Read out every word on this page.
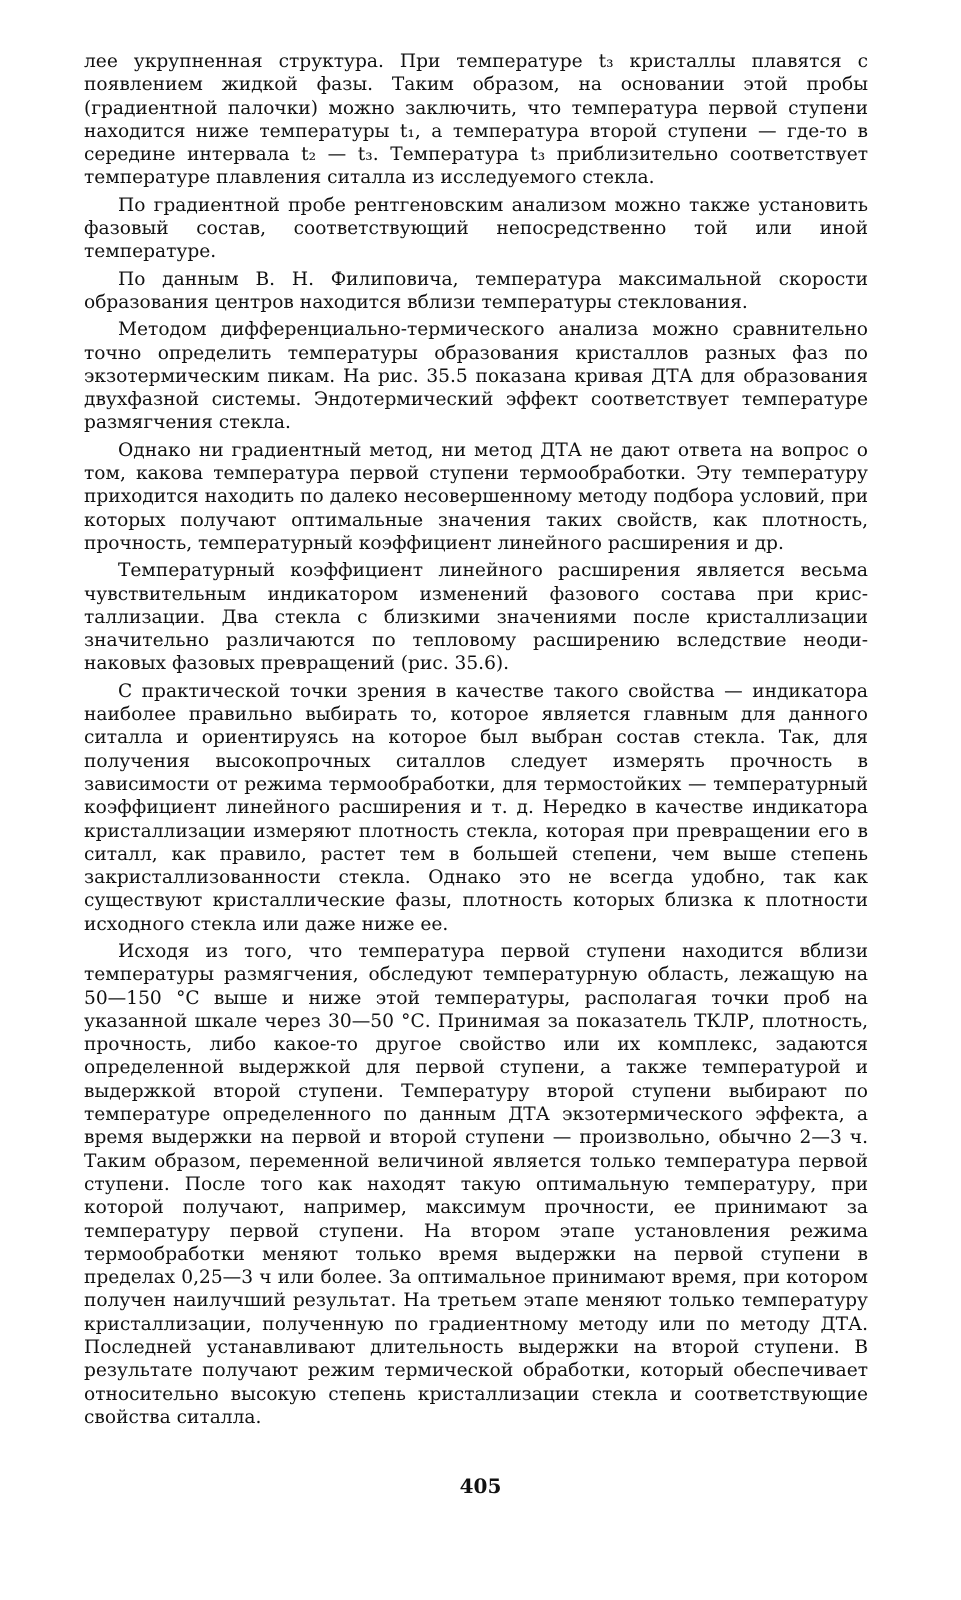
лее укрупненная структура. При температуре t₃ кристаллы плавятся с появлением жидкой фазы. Таким образом, на основании этой пробы (градиентной палочки) можно заключить, что температура первой ступени находится ниже температуры t₁, а температура второй ступени — где-то в середине интервала t₂ — t₃. Температура t₃ приблизительно соответствует температуре плавления ситалла из исследуемого стекла.

По градиентной пробе рентгеновским анализом можно также установить фазовый состав, соответствующий непосредственно той или иной температуре.

По данным В. Н. Филиповича, температура максимальной скорости образования центров находится вблизи температуры стеклования.

Методом дифференциально-термического анализа можно сравнительно точно определить температуры образования кристаллов разных фаз по экзотермическим пикам. На рис. 35.5 показана кривая ДТА для образования двухфазной системы. Эндотермический эффект соответствует температуре размягчения стекла.

Однако ни градиентный метод, ни метод ДТА не дают ответа на вопрос о том, какова температура первой ступени термообработки. Эту температуру приходится находить по далеко несовершенному методу подбора условий, при которых получают оптимальные значения таких свойств, как плотность, прочность, температурный коэффициент линейного расширения и др.

Температурный коэффициент линейного расширения является весьма чувствительным индикатором изменений фазового состава при кристаллизации. Два стекла с близкими значениями после кристаллизации значительно различаются по тепловому расширению вследствие неодинаковых фазовых превращений (рис. 35.6).

С практической точки зрения в качестве такого свойства — индикатора наиболее правильно выбирать то, которое является главным для данного ситалла и ориентируясь на которое был выбран состав стекла. Так, для получения высокопрочных ситаллов следует измерять прочность в зависимости от режима термообработки, для термостойких — температурный коэффициент линейного расширения и т. д. Нередко в качестве индикатора кристаллизации измеряют плотность стекла, которая при превращении его в ситалл, как правило, растет тем в большей степени, чем выше степень закристаллизованности стекла. Однако это не всегда удобно, так как существуют кристаллические фазы, плотность которых близка к плотности исходного стекла или даже ниже ее.

Исходя из того, что температура первой ступени находится вблизи температуры размягчения, обследуют температурную область, лежащую на 50—150 °С выше и ниже этой температуры, располагая точки проб на указанной шкале через 30—50 °С. Принимая за показатель ТКЛР, плотность, прочность, либо какое-то другое свойство или их комплекс, задаются определенной выдержкой для первой ступени, а также температурой и выдержкой второй ступени. Температуру второй ступени выбирают по температуре определенного по данным ДТА экзотермического эффекта, а время выдержки на первой и второй ступени — произвольно, обычно 2—3 ч. Таким образом, переменной величиной является только температура первой ступени. После того как находят такую оптимальную температуру, при которой получают, например, максимум прочности, ее принимают за температуру первой ступени. На втором этапе установления режима термообработки меняют только время выдержки на первой ступени в пределах 0,25—3 ч или более. За оптимальное принимают время, при котором получен наилучший результат. На третьем этапе меняют только температуру кристаллизации, полученную по градиентному методу или по методу ДТА. Последней устанавливают длительность выдержки на второй ступени. В результате получают режим термической обработки, который обеспечивает относительно высокую степень кристаллизации стекла и соответствующие свойства ситалла.

405
